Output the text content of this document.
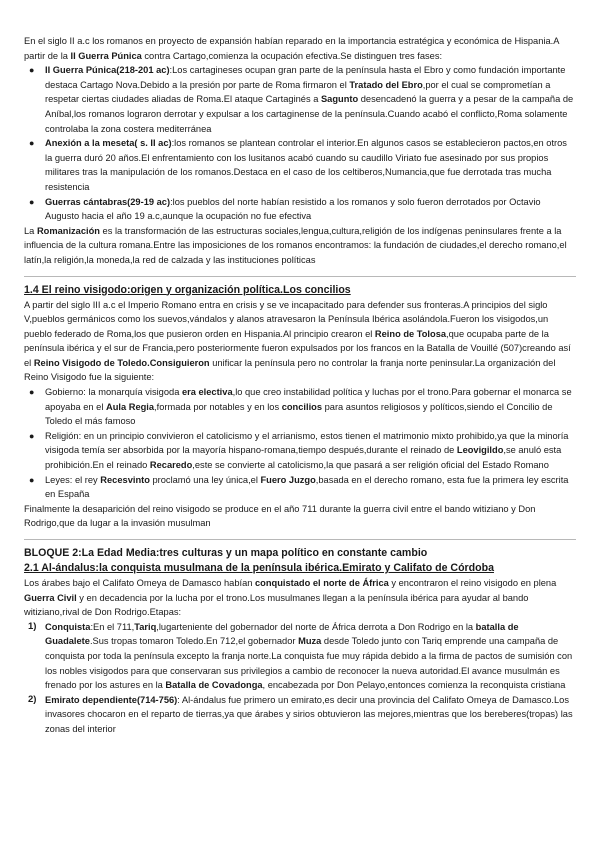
En el siglo II a.c los romanos en proyecto de expansión habían reparado en la importancia estratégica y económica de Hispania.A partir de la II Guerra Púnica contra Cartago,comienza la ocupación efectiva.Se distinguen tres fases:

● II Guerra Púnica(218-201 ac):Los cartagineses ocupan gran parte de la península hasta el Ebro y como fundación importante destaca Cartago Nova.Debido a la presión por parte de Roma firmaron el Tratado del Ebro,por el cual se comprometían a respetar ciertas ciudades aliadas de Roma.El ataque Cartaginés a Sagunto desencadenó la guerra y a pesar de la campaña de Aníbal,los romanos lograron derrotar y expulsar a los cartaginense de la península.Cuando acabó el conflicto,Roma solamente controlaba la zona costera mediterránea
● Anexión a la meseta( s. II ac):los romanos se plantean controlar el interior.En algunos casos se establecieron pactos,en otros la guerra duró 20 años.El enfrentamiento con los lusitanos acabó cuando su caudillo Viriato fue asesinado por sus propios militares tras la manipulación de los romanos.Destaca en el caso de los celtiberos,Numancia,que fue derrotada tras mucha resistencia
● Guerras cántabras(29-19 ac):los pueblos del norte habían resistido a los romanos y solo fueron derrotados por Octavio Augusto hacia el año 19 a.c,aunque la ocupación no fue efectiva

La Romanización es la transformación de las estructuras sociales,lengua,cultura,religión de los indígenas peninsulares frente a la influencia de la cultura romana.Entre las imposiciones de los romanos encontramos: la fundación de ciudades,el derecho romano,el latín,la religión,la moneda,la red de calzada y las instituciones políticas

1.4 El reino visigodo:origen y organización política.Los concilios

A partir del siglo III a.c el Imperio Romano entra en crisis y se ve incapacitado para defender sus fronteras.A principios del siglo V,pueblos germánicos como los suevos,vándalos y alanos atravesaron la Península Ibérica asolándola.Fueron los visigodos,un pueblo federado de Roma,los que pusieron orden en Hispania.Al principio crearon el Reino de Tolosa,que ocupaba parte de la península ibérica y el sur de Francia,pero posteriormente fueron expulsados por los francos en la Batalla de Vouillé (507)creando así el Reino Visigodo de Toledo.Consiguieron unificar la península pero no controlar la franja norte peninsular.La organización del Reino Visigodo fue la siguiente:

● Gobierno: la monarquía visigoda era electiva,lo que creo instabilidad política y luchas por el trono.Para gobernar el monarca se apoyaba en el Aula Regia,formada por notables y en los concilios para asuntos religiosos y políticos,siendo el Concilio de Toledo el más famoso
● Religión: en un principio convivieron el catolicismo y el arrianismo, estos tienen el matrimonio mixto prohibido,ya que la minoría visigoda temía ser absorbida por la mayoría hispano-romana,tiempo después,durante el reinado de Leovigildo,se anuló esta prohibición.En el reinado Recaredo,este se convierte al catolicismo,la que pasará a ser religión oficial del Estado Romano
● Leyes: el rey Recesvinto proclamó una ley única,el Fuero Juzgo,basada en el derecho romano, esta fue la primera ley escrita en España

Finalmente la desaparición del reino visigodo se produce en el año 711 durante la guerra civil entre el bando witiziano y Don Rodrigo,que da lugar a la invasión musulman

BLOQUE 2:La Edad Media:tres culturas y un mapa político en constante cambio
2.1 Al-ándalus:la conquista musulmana de la península ibérica.Emirato y Califato de Córdoba

Los árabes bajo el Califato Omeya de Damasco habían conquistado el norte de África y encontraron el reino visigodo en plena Guerra Civil y en decadencia por la lucha por el trono.Los musulmanes llegan a la península ibérica para ayudar al bando witiziano,rival de Don Rodrigo.Etapas:

1) Conquista:En el 711,Tariq,lugarteniente del gobernador del norte de África derrota a Don Rodrigo en la batalla de Guadalete.Sus tropas tomaron Toledo.En 712,el gobernador Muza desde Toledo junto con Tariq emprende una campaña de conquista por toda la península excepto la franja norte.La conquista fue muy rápida debido a la firma de pactos de sumisión con los nobles visigodos para que conservaran sus privilegios a cambio de reconocer la nueva autoridad.El avance musulmán es frenado por los astures en la Batalla de Covadonga, encabezada por Don Pelayo,entonces comienza la reconquista cristiana
2) Emirato dependiente(714-756): Al-ándalus fue primero un emirato,es decir una provincia del Califato Omeya de Damasco.Los invasores chocaron en el reparto de tierras,ya que árabes y sirios obtuvieron las mejores,mientras que los bereberes(tropas) las zonas del interior
